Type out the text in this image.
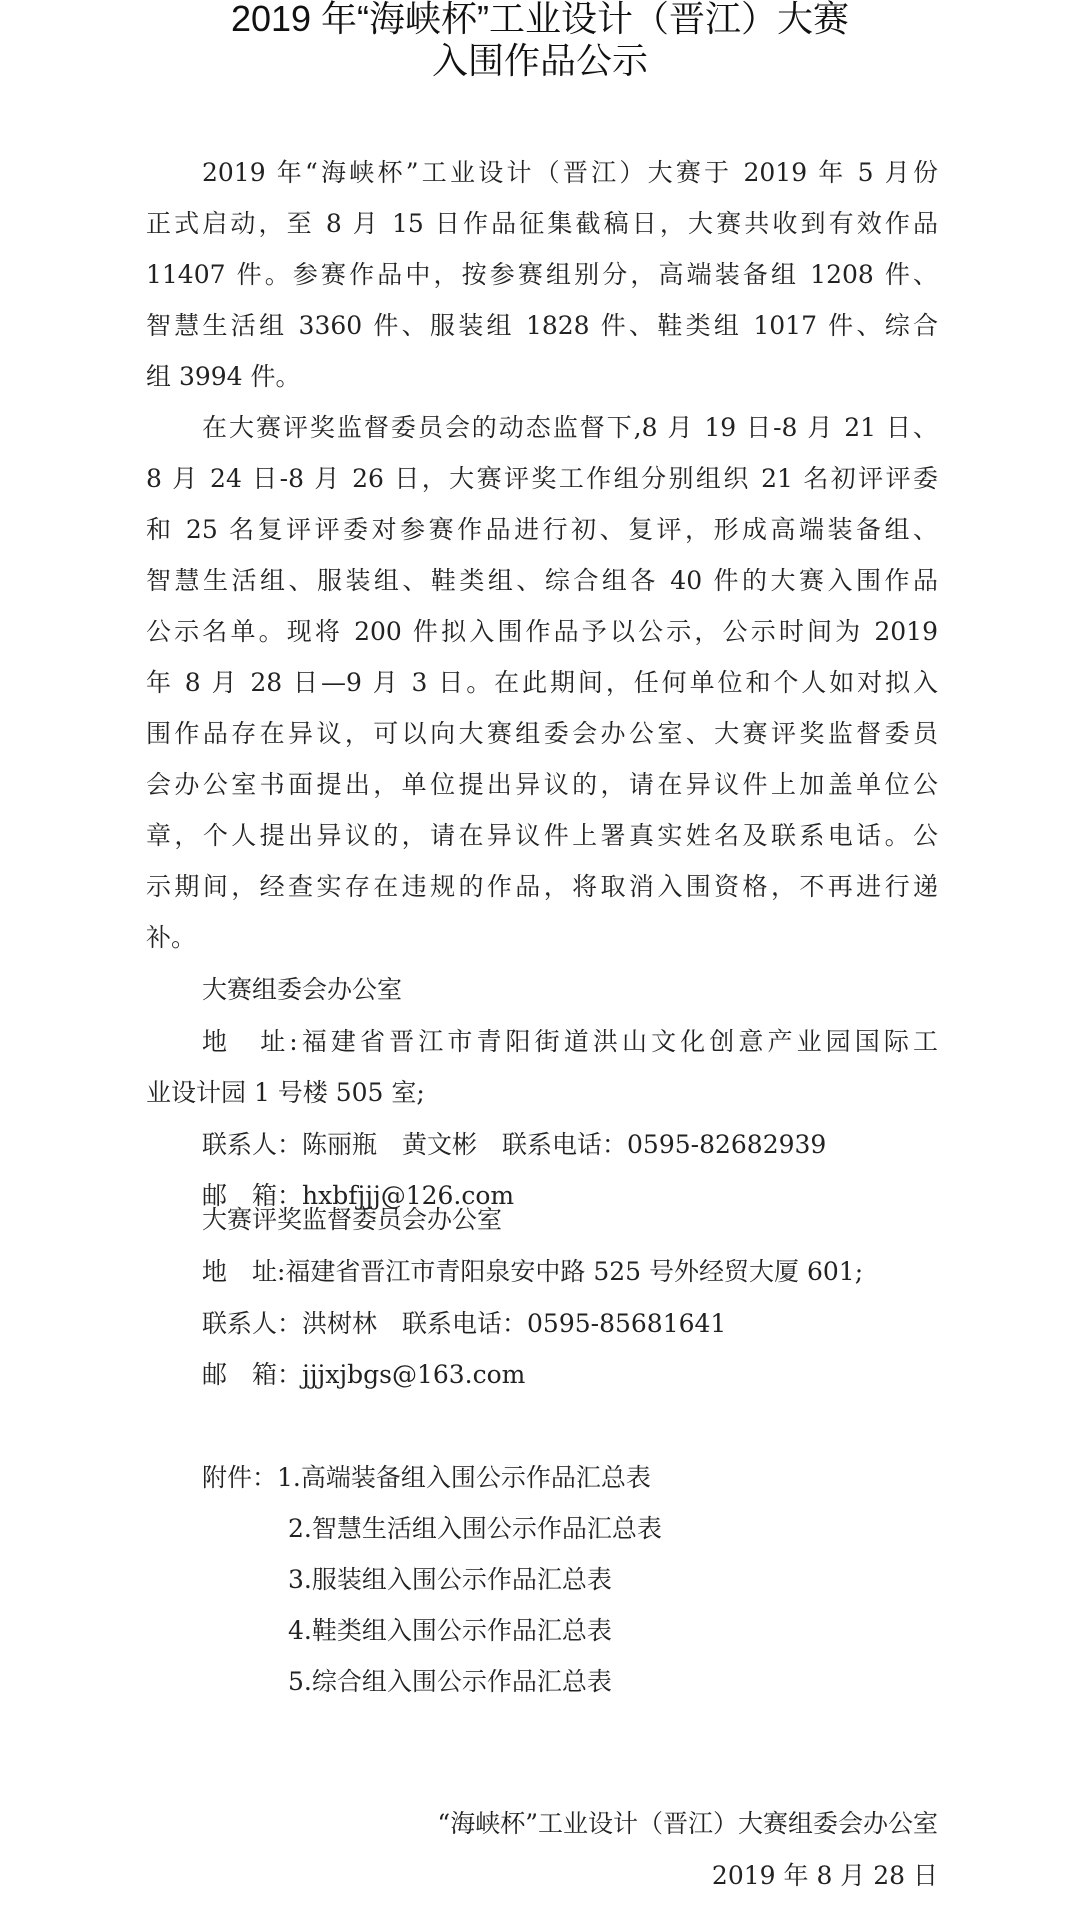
2019 年“海峡杯”工业设计（晋江）大赛
入围作品公示
2019 年“海峡杯”工业设计（晋江）大赛于 2019 年 5 月份
正式启动，至 8 月 15 日作品征集截稿日，大赛共收到有效作品
11407 件。参赛作品中，按参赛组别分，高端装备组 1208 件、
智慧生活组 3360 件、服装组 1828 件、鞋类组 1017 件、综合
组 3994 件。
在大赛评奖监督委员会的动态监督下,8 月 19 日-8 月 21 日、
8 月 24 日-8 月 26 日，大赛评奖工作组分别组织 21 名初评评委
和 25 名复评评委对参赛作品进行初、复评，形成高端装备组、
智慧生活组、服装组、鞋类组、综合组各 40 件的大赛入围作品
公示名单。现将 200 件拟入围作品予以公示，公示时间为 2019
年 8 月 28 日—9 月 3 日。在此期间，任何单位和个人如对拟入
围作品存在异议，可以向大赛组委会办公室、大赛评奖监督委员
会办公室书面提出，单位提出异议的，请在异议件上加盖单位公
章，个人提出异议的，请在异议件上署真实姓名及联系电话。公
示期间，经查实存在违规的作品，将取消入围资格，不再进行递
补。
大赛组委会办公室
地　址:福建省晋江市青阳街道洪山文化创意产业园国际工
业设计园 1 号楼 505 室;
联系人：陈丽瓶　黄文彬　联系电话：0595-82682939
邮　箱：hxbfjjj@126.com
大赛评奖监督委员会办公室
地　址:福建省晋江市青阳泉安中路 525 号外经贸大厦 601;
联系人：洪树林　联系电话：0595-85681641
邮　箱：jjjxjbgs@163.com
附件：1.高端装备组入围公示作品汇总表
2.智慧生活组入围公示作品汇总表
3.服装组入围公示作品汇总表
4.鞋类组入围公示作品汇总表
5.综合组入围公示作品汇总表
“海峡杯”工业设计（晋江）大赛组委会办公室
2019 年 8 月 28 日
